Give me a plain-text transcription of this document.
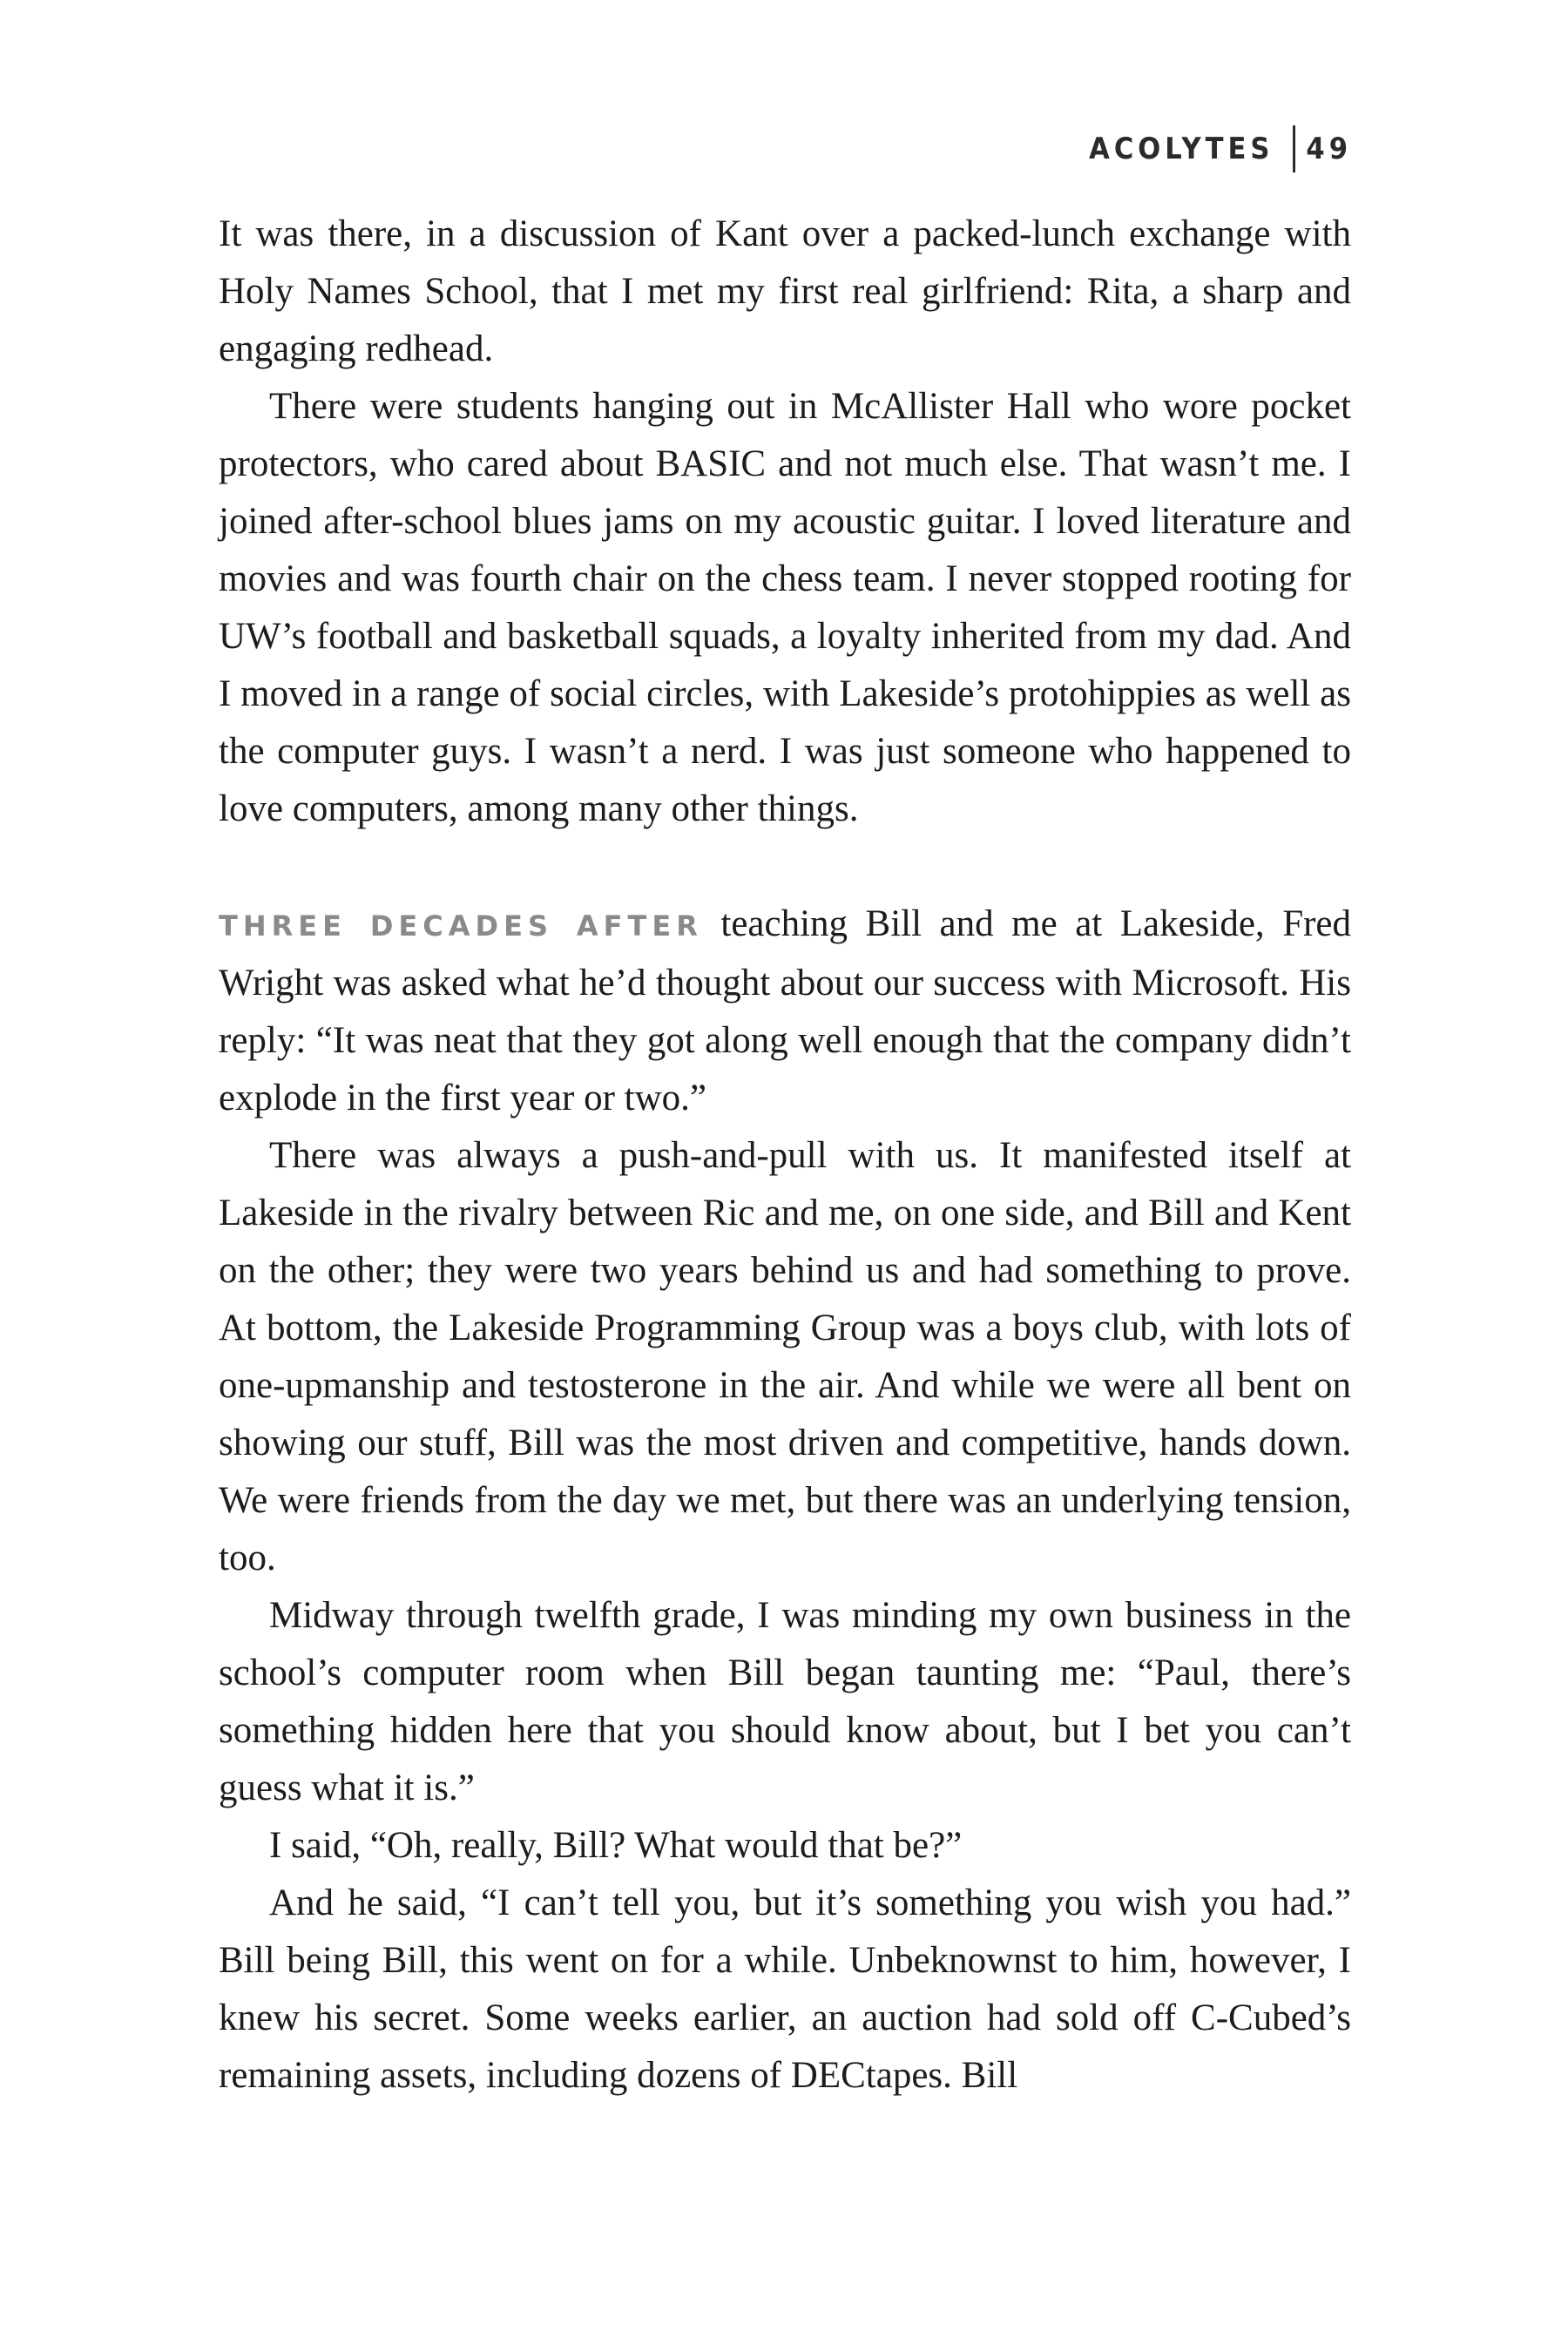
ACOLYTES 49

It was there, in a discussion of Kant over a packed-lunch exchange with Holy Names School, that I met my first real girlfriend: Rita, a sharp and engaging redhead.

There were students hanging out in McAllister Hall who wore pocket protectors, who cared about BASIC and not much else. That wasn’t me. I joined after-school blues jams on my acoustic guitar. I loved literature and movies and was fourth chair on the chess team. I never stopped rooting for UW’s football and basketball squads, a loyalty inherited from my dad. And I moved in a range of social circles, with Lakeside’s protohippies as well as the computer guys. I wasn’t a nerd. I was just someone who happened to love computers, among many other things.

THREE DECADES AFTER teaching Bill and me at Lakeside, Fred Wright was asked what he’d thought about our success with Microsoft. His reply: “It was neat that they got along well enough that the company didn’t explode in the first year or two.”

There was always a push-and-pull with us. It manifested itself at Lakeside in the rivalry between Ric and me, on one side, and Bill and Kent on the other; they were two years behind us and had something to prove. At bottom, the Lakeside Programming Group was a boys club, with lots of one-upmanship and testosterone in the air. And while we were all bent on showing our stuff, Bill was the most driven and competitive, hands down. We were friends from the day we met, but there was an underlying tension, too.

Midway through twelfth grade, I was minding my own business in the school’s computer room when Bill began taunting me: “Paul, there’s something hidden here that you should know about, but I bet you can’t guess what it is.”

I said, “Oh, really, Bill? What would that be?”

And he said, “I can’t tell you, but it’s something you wish you had.” Bill being Bill, this went on for a while. Unbeknownst to him, however, I knew his secret. Some weeks earlier, an auction had sold off C-Cubed’s remaining assets, including dozens of DECtapes. Bill
